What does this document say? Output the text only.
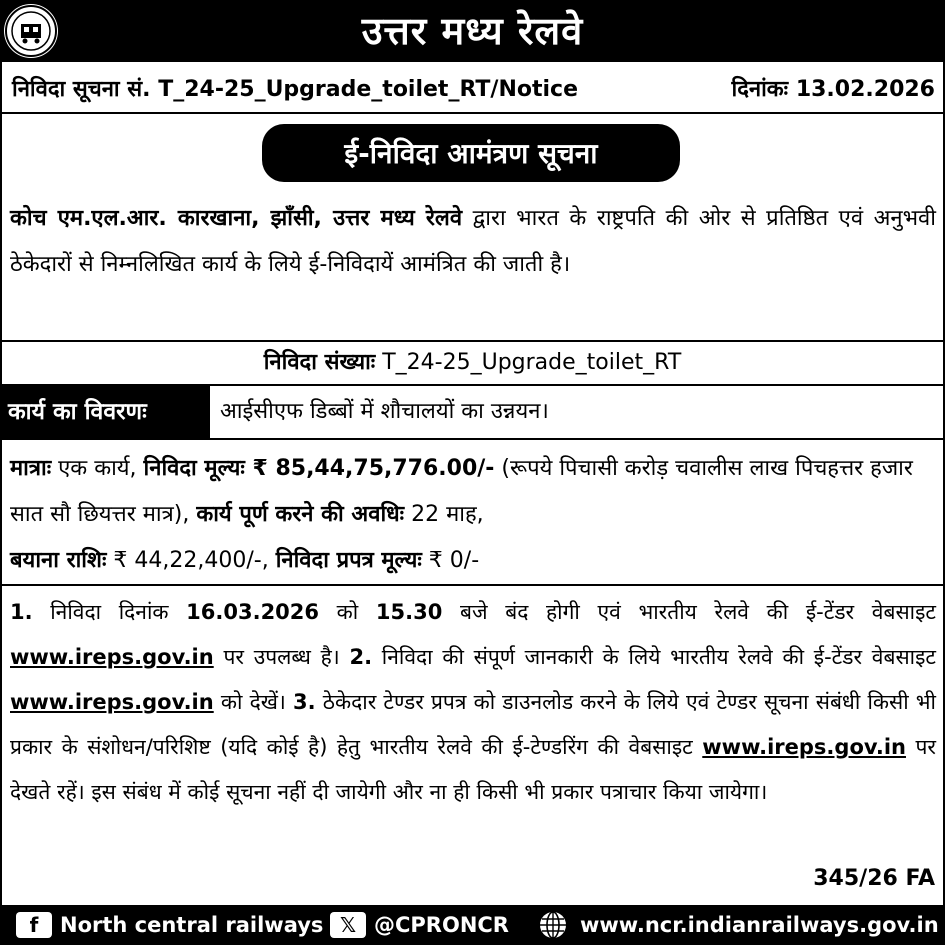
उत्तर मध्य रेलवे
निविदा सूचना सं. T_24-25_Upgrade_toilet_RT/Notice	दिनांकः 13.02.2026
ई-निविदा आमंत्रण सूचना
कोच एम.एल.आर. कारखाना, झाँसी, उत्तर मध्य रेलवे द्वारा भारत के राष्ट्रपति की ओर से प्रतिष्ठित एवं अनुभवी ठेकेदारों से निम्नलिखित कार्य के लिये ई-निविदायें आमंत्रित की जाती है।
निविदा संख्याः T_24-25_Upgrade_toilet_RT
कार्य का विवरणः	आईसीएफ डिब्बों में शौचालयों का उन्नयन।
मात्राः एक कार्य, निविदा मूल्यः ₹ 85,44,75,776.00/- (रूपये पिचासी करोड़ चवालीस लाख पिचहत्तर हजार सात सौ छियत्तर मात्र), कार्य पूर्ण करने की अवधिः 22 माह,
बयाना राशिः ₹ 44,22,400/-, निविदा प्रपत्र मूल्यः ₹ 0/-
1. निविदा दिनांक 16.03.2026 को 15.30 बजे बंद होगी एवं भारतीय रेलवे की ई-टेंडर वेबसाइट www.ireps.gov.in पर उपलब्ध है। 2. निविदा की संपूर्ण जानकारी के लिये भारतीय रेलवे की ई-टेंडर वेबसाइट www.ireps.gov.in को देखें। 3. ठेकेदार टेण्डर प्रपत्र को डाउनलोड करने के लिये एवं टेण्डर सूचना संबंधी किसी भी प्रकार के संशोधन/परिशिष्ट (यदि कोई है) हेतु भारतीय रेलवे की ई-टेण्डरिंग की वेबसाइट www.ireps.gov.in पर देखते रहें। इस संबंध में कोई सूचना नहीं दी जायेगी और ना ही किसी भी प्रकार पत्राचार किया जायेगा।
345/26 FA
f	North central railways 𝕏 @CPRONCR	www.ncr.indianrailways.gov.in
